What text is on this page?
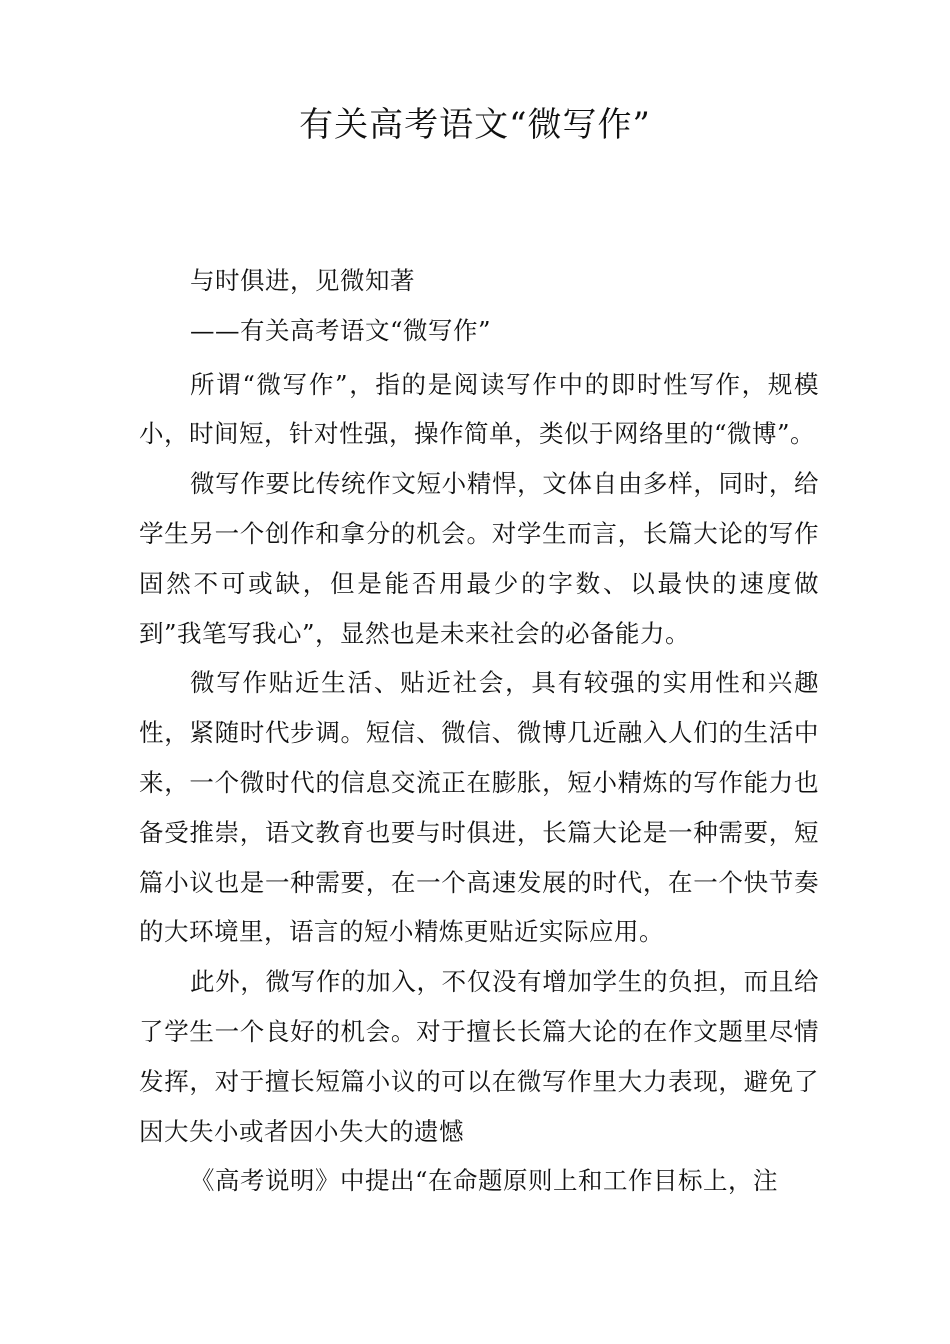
有关高考语文“微写作”

与时俱进，见微知著

——有关高考语文“微写作”

所谓“微写作”，指的是阅读写作中的即时性写作，规模小，时间短，针对性强，操作简单，类似于网络里的“微博”。

微写作要比传统作文短小精悍，文体自由多样，同时，给学生另一个创作和拿分的机会。对学生而言，长篇大论的写作固然不可或缺，但是能否用最少的字数、以最快的速度做到”我笔写我心”，显然也是未来社会的必备能力。

微写作贴近生活、贴近社会，具有较强的实用性和兴趣性，紧随时代步调。短信、微信、微博几近融入人们的生活中来，一个微时代的信息交流正在膨胀，短小精炼的写作能力也备受推崇，语文教育也要与时俱进，长篇大论是一种需要，短篇小议也是一种需要，在一个高速发展的时代，在一个快节奏的大环境里，语言的短小精炼更贴近实际应用。

此外，微写作的加入，不仅没有增加学生的负担，而且给了学生一个良好的机会。对于擅长长篇大论的在作文题里尽情发挥，对于擅长短篇小议的可以在微写作里大力表现，避免了因大失小或者因小失大的遗憾

《高考说明》中提出“在命题原则上和工作目标上，注
